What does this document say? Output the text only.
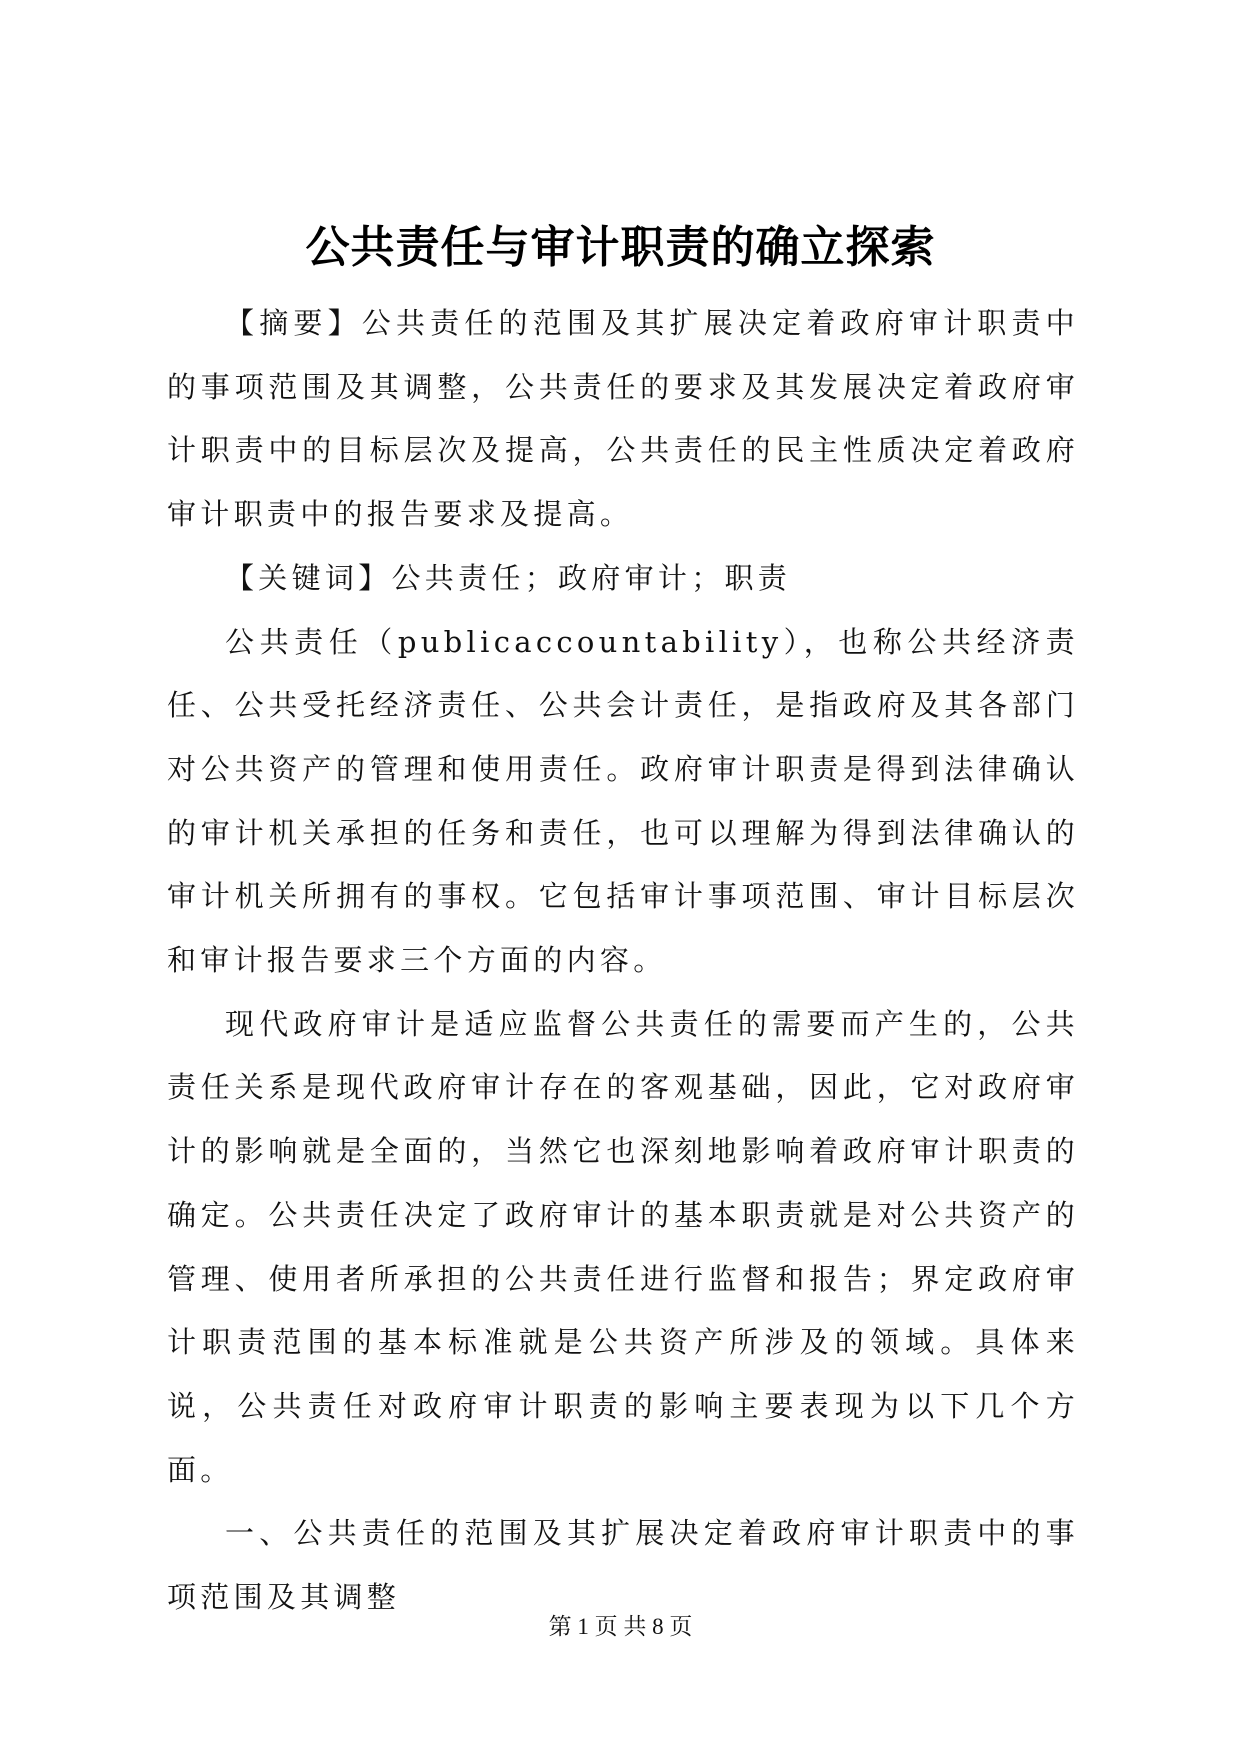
公共责任与审计职责的确立探索

【摘要】公共责任的范围及其扩展决定着政府审计职责中的事项范围及其调整，公共责任的要求及其发展决定着政府审计职责中的目标层次及提高，公共责任的民主性质决定着政府审计职责中的报告要求及提高。

【关键词】公共责任；政府审计；职责

公共责任（publicaccountability），也称公共经济责任、公共受托经济责任、公共会计责任，是指政府及其各部门对公共资产的管理和使用责任。政府审计职责是得到法律确认的审计机关承担的任务和责任，也可以理解为得到法律确认的审计机关所拥有的事权。它包括审计事项范围、审计目标层次和审计报告要求三个方面的内容。

现代政府审计是适应监督公共责任的需要而产生的，公共责任关系是现代政府审计存在的客观基础，因此，它对政府审计的影响就是全面的，当然它也深刻地影响着政府审计职责的确定。公共责任决定了政府审计的基本职责就是对公共资产的管理、使用者所承担的公共责任进行监督和报告；界定政府审计职责范围的基本标准就是公共资产所涉及的领域。具体来说，公共责任对政府审计职责的影响主要表现为以下几个方面。

一、公共责任的范围及其扩展决定着政府审计职责中的事项范围及其调整

第 1 页 共 8 页
